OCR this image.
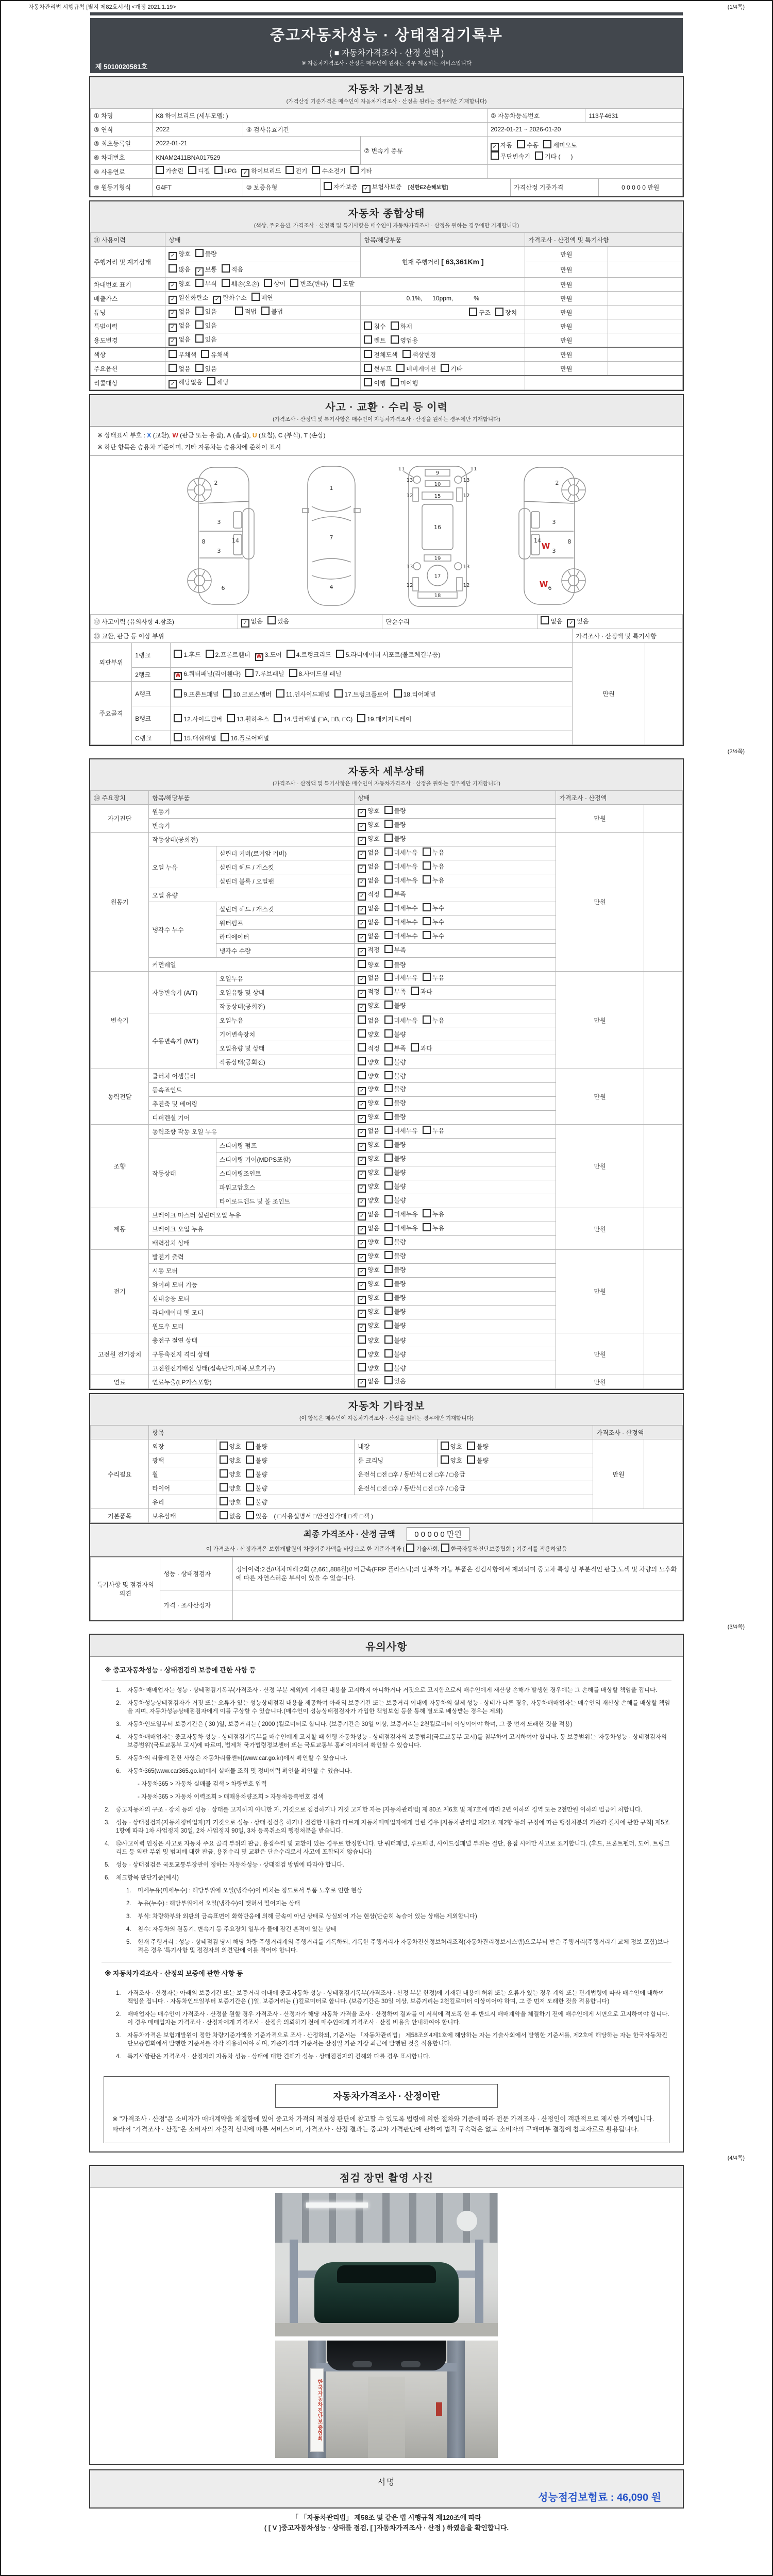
자동차관리법 시행규칙 [별지 제82호서식] <개정 2021.1.19>	(1/4쪽)
중고자동차성능 · 상태점검기록부
( ■ 자동차가격조사 · 산정 선택 )
※ 자동차가격조사 · 산정은 매수인이 원하는 경우 제공하는 서비스입니다
제 5010020581호
자동차 기본정보
(가격산정 기준가격은 매수인이 자동차가격조사 · 산정을 원하는 경우에만 기재합니다)
① 차명	K8 하이브리드 (세부모델: )	② 자동차등록번호	113우4631
③ 연식	2022	④ 검사유효기간	2022-01-21 ~ 2026-01-20
⑤ 최초등록일	2022-01-21	⑦ 변속기 종류	✓ 자동 수동 세미오토
무단변속기 기타 (      )

⑥ 차대번호	KNAM2411BNA017529		
⑧ 사용연료	가솔린 디젤 LPG ✓ 하이브리드 전기 수소전기 기타	
⑨ 원동기형식	G4FT	⑩ 보증유형	자가보증 ✓ 보험사보증 [신한EZ손해보험]	가격산정 기준가격	0 0 0 0 0 만원
자동차 종합상태
(색상, 주요옵션, 가격조사 · 산정액 및 특기사항은 매수인이 자동차가격조사 · 산정을 원하는 경우에만 기재합니다)
⑪ 사용이력	상태	항목/해당부품	가격조사 · 산정액 및 특기사항	
주행거리 및 계기상태	✓ 양호 불량	현재 주행거리 [ 63,361Km ]	만원	
	많음 ✓ 보통 적음		만원	
차대번호 표기	✓ 양호 부식 훼손(오손) 상이 변조(변타) 도말		만원	
배출가스	✓ 일산화탄소 ✓ 탄화수소 매연	0.1%,      10ppm,            %	만원	
튜닝	✓ 없음 있음 적법 불법	구조 장치	만원	
특별이력	✓ 없음 있음	침수 화재	만원	
용도변경	✓ 없음 있음	렌트 영업용	만원	
색상	무채색 유채색	전체도색 색상변경	만원	
주요옵션	없음 있음	썬루프 네비게이션 기타	만원	
리콜대상	✓ 해당없음 해당	이행 미이행		
사고 · 교환 · 수리 등 이력
(가격조사 · 산정액 및 특기사항은 매수인이 자동차가격조사 · 산정을 원하는 경우에만 기재합니다)
※ 상태표시 부호 : X (교환), W (판금 또는 용접), A (흠집), U (요철), C (부식), T (손상)
※ 하단 항목은 승용차 기준이며, 기타 자동차는 승용차에 준하여 표시
2
3
14
3
8
6
1
7
4
11	11
13	13
12	12
9
10
15
16
19
13	13
12	12
17
18
2
3
14
3
8
6
W
W
⑫ 사고이력 (유의사항 4.참조)	✓ 없음 있음	단순수리	없음 ✓ 있음
⑬ 교환, 판금 등 이상 부위			가격조사 · 산정액 및 특기사항	
외판부위	1랭크	1.후드 2.프론트휀더 W 3.도어 4.트렁크리드 5.라디에이터 서포트(볼트체결부품)	만원	
	2랭크	W 6.쿼터패널(리어휀다) 7.루브패널 8.사이드실 패널		
주요골격	A랭크	9.프론트패널 10.크로스멤버 11.인사이드패널 17.트렁크플로어 18.리어패널		
	B랭크	12.사이드멤버 13.휠하우스 14.필러패널 (□A, □B, □C) 19.패키지트레이		
	C랭크	15.대쉬패널 16.플로어패널		
(2/4쪽)
자동차 세부상태
(가격조사 · 산정액 및 특기사항은 매수인이 자동차가격조사 · 산정을 원하는 경우에만 기재합니다)
⑭ 주요장치	항목/해당부품		상태	가격조사 · 산정액	
자기진단	원동기		✓ 양호 불량	만원	
	변속기		✓ 양호 불량		
원동기	작동상태(공회전)		✓ 양호 불량	만원	
	오일 누유	실린더 커버(로커암 커버)	✓ 없음 미세누유 누유		
		실린더 헤드 / 개스킷	✓ 없음 미세누유 누유		
		실린더 블록 / 오일팬	✓ 없음 미세누유 누유		
	오일 유량		✓ 적정 부족		
	냉각수 누수	실린더 헤드 / 개스킷	✓ 없음 미세누수 누수		
		워터펌프	✓ 없음 미세누수 누수		
		라디에이터	✓ 없음 미세누수 누수		
		냉각수 수량	✓ 적정 부족		
	커먼레일		양호 불량		
변속기	자동변속기 (A/T)	오일누유	✓ 없음 미세누유 누유	만원	
		오일유량 및 상태	✓ 적정 부족 과다		
		작동상태(공회전)	✓ 양호 불량		
	수동변속기 (M/T)	오일누유	없음 미세누유 누유		
		기어변속장치	양호 불량		
		오일유량 및 상태	적정 부족 과다		
		작동상태(공회전)	양호 불량		
동력전달	클러치 어셈블리		양호 불량	만원	
	등속죠인트		✓ 양호 불량		
	추진축 및 베어링		✓ 양호 불량		
	디퍼렌셜 기어		✓ 양호 불량		
조향	동력조향 작동 오일 누유		✓ 없음 미세누유 누유	만원	
	작동상태	스티어링 펌프	✓ 양호 불량		
		스티어링 기어(MDPS포함)	✓ 양호 불량		
		스티어링조인트	✓ 양호 불량		
		파워고압호스	✓ 양호 불량		
		타이로드엔드 및 볼 조인트	✓ 양호 불량		
제동	브레이크 마스터 실린더오일 누유		✓ 없음 미세누유 누유	만원	
	브레이크 오일 누유		✓ 없음 미세누유 누유		
	배력장치 상태		✓ 양호 불량		
전기	발전기 출력		✓ 양호 불량	만원	
	시동 모터		✓ 양호 불량		
	와이퍼 모터 기능		✓ 양호 불량		
	실내송풍 모터		✓ 양호 불량		
	라디에이터 팬 모터		✓ 양호 불량		
	윈도우 모터		✓ 양호 불량		
고전원 전기장치	충전구 절연 상태		양호 불량	만원	
	구동축전지 격리 상태		양호 불량		
	고전원전기배선 상태(접속단자,피복,보호기구)		양호 불량		
연료	연료누출(LP가스포함)		✓ 없음 있음	만원	
자동차 기타정보
(이 항목은 매수인이 자동차가격조사 · 산정을 원하는 경우에만 기재합니다)
	항목				가격조사 · 산정액	
수리필요	외장	양호 불량	내장	양호 불량	만원	
	광택	양호 불량	룸 크리닝	양호 불량		
	휠	양호 불량	운전석 □전 □후 / 동반석 □전 □후 / □응급			
	타이어	양호 불량	운전석 □전 □후 / 동반석 □전 □후 / □응급			
	유리	양호 불량				
기본품목	보유상태	없음 있음 ( □사용설명서 □안전삼각대 □잭 □잭 )				
최종 가격조사 · 산정 금액 0 0 0 0 0 만원
이 가격조사 · 산정가격은 보험개발원의 차량기준가액을 바탕으로 한 기준가격과 ( 기술사회, 한국자동차진단보증협회 ) 기준서를 적용하였음
특기사항 및 점검자의 의견	성능 · 상태점검자	정비이력:2건//내차피해:2회 (2,661,888원)// 비금속(FRP 플라스틱)의 탈부착 가능 부품은 점검사항에서 제외되며 중고차 특성 상 부분적인 판금,도색 및 차량의 노후화에 따른 자연스러운 부식이 있을 수 있습니다.
	가격 · 조사산정자	
(3/4쪽)
유의사항
※ 중고자동차성능 · 상태점검의 보증에 관한 사항 등
1.	자동차 매매업자는 성능 · 상태점검기록부(가격조사 · 산정 부분 제외)에 기재된 내용을 고지하지 아니하거나 거짓으로 고지함으로써 매수인에게 재산상 손해가 발생한 경우에는 그 손해를 배상할 책임을 집니다.
2.	자동차성능상태점검자가 거짓 또는 오류가 있는 성능상태점검 내용을 제공하여 아래의 보증기간 또는 보증거리 이내에 자동차의 실제 성능 · 상태가 다른 경우, 자동차매매업자는 매수인의 재산상 손해를 배상할 책임을 지며, 자동차성능상태점검자에게 이를 구상할 수 있습니다.(매수인이 성능상태점검자가 가입한 책임보험 등을 통해 별도로 배상받는 경우는 제외)
3.	자동차인도일부터 보증기간은 ( 30 )일, 보증거리는 ( 2000 )킬로미터로 합니다. (보증기간은 30일 이상, 보증거리는 2천킬로미터 이상이어야 하며, 그 중 먼저 도래한 것을 적용)
4.	자동차매매업자는 중고자동차 성능 · 상태점검기록부를 매수인에게 고지할 때 현행 자동차성능 · 상태점검자의 보증범위(국토교통부 고시)를 첨부하여 고지하여야 합니다. 동 보증범위는 '자동차성능 · 상태점검자의 보증범위'(국토교통부 고시)에 따르며, 법제처 국가법령정보센터 또는 국토교통부 홈페이지에서 확인할 수 있습니다.
5.	자동차의 리콜에 관한 사항은 자동차리콜센터(www.car.go.kr)에서 확인할 수 있습니다.
6.	자동차365(www.car365.go.kr)에서 실매물 조회 및 정비이력 확인을 확인할 수 있습니다.
- 자동차365 > 자동차 실매물 검색 > 차량번호 입력
- 자동차365 > 자동차 이력조회 > 매매용차량조회 > 자동차등록번호 검색
2.	중고자동차의 구조 · 장치 등의 성능 · 상태를 고지하지 아니한 자, 거짓으로 점검하거나 거짓 고지한 자는 [자동차관리법] 제 80조 제6호 및 제7호에 따라 2년 이하의 징역 또는 2천만원 이하의 벌금에 처합니다.
3.	성능 · 상태점검자(자동차정비업자)가 거짓으로 성능 · 상태 점검을 하거나 점검한 내용과 다르게 자동차매매업자에게 알린 경우 [자동차관리법 제21조 제2항 등의 규정에 따른 행정처분의 기준과 절차에 관한 규칙] 제5조 1항에 따라 1차 사업정지 30일, 2차 사업정지 90일, 3차 등록취소의 행정처분을 받습니다.
4.	⑫사고이력 인정은 사고로 자동차 주요 골격 부위의 판금, 용접수리 및 교환이 있는 경우로 한정합니다. 단 쿼터패널, 루프패널, 사이드실패널 부위는 절단, 용접 시에만 사고로 표기합니다. (후드, 프론트펜더, 도어, 트렁크리드 등 외판 부위 및 범퍼에 대한 판금, 용접수리 및 교환은 단순수리로서 사고에 포함되지 않습니다)
5.	성능 · 상태점검은 국토교통부장관이 정하는 자동차성능 · 상태점검 방법에 따라야 합니다.
6.	체크항목 판단기준(예시)
1.	미세누유(미세누수) : 해당부위에 오일(냉각수)이 비치는 정도로서 부품 노후로 인한 현상
2.	누유(누수) : 해당부위에서 오일(냉각수)이 맺혀서 떨어지는 상태
3.	부식: 차량하부와 외판의 금속표면이 화학반응에 의해 금속이 아닌 상태로 상실되어 가는 현상(단순히 녹슬어 있는 상태는 제외합니다)
4.	침수: 자동차의 원동기, 변속기 등 주요장치 일부가 물에 잠긴 흔적이 있는 상태
5.	현재 주행거리 : 성능 · 상태점검 당시 해당 차량 주행거리계의 주행거리를 기록하되, 기록한 주행거리가 자동차전산정보처리조직(자동차관리정보시스템)으로부터 받은 주행거리(주행거리계 교체 정보 포함)보다 적은 경우 '특기사항 및 점검자의 의견'란에 이를 적어야 합니다.
※ 자동차가격조사 · 산정의 보증에 관한 사항 등
1.	가격조사 · 산정자는 아래의 보증기간 또는 보증거리 이내에 중고자동차 성능 · 상태점검기록부(가격조사 · 산정 부분 한정)에 기재된 내용에 허위 또는 오류가 있는 경우 계약 또는 관계법령에 따라 매수인에 대하여 책임을 집니다. · 자동차인도일부터 보증기간은 ( )일, 보증거리는 ( )킬로미터로 합니다. (보증기간은 30일 이상, 보증거리는 2천킬로미터 이상이어야 하며, 그 중 먼저 도래한 것을 적용합니다)
2.	매매업자는 매수인이 가격조사 · 산정을 원할 경우 가격조사 · 산정자가 해당 자동차 가격을 조사 · 산정하여 결과를 이 서식에 적도록 한 후 반드시 매매계약을 체결하기 전에 매수인에게 서면으로 고지하여야 합니다. 이 경우 매매업자는 가격조사 · 산정자에게 가격조사 · 산정을 의뢰하기 전에 매수인에게 가격조사 · 산정 비용을 안내하여야 합니다.
3.	자동차가격은 보험개발원이 정한 차량기준가액을 기준가격으로 조사 · 산정하되, 기준서는 「자동차관리법」 제58조의4제1호에 해당하는 자는 기술사회에서 발행한 기준서를, 제2호에 해당하는 자는 한국자동차진단보증협회에서 발행한 기준서를 각각 적용하여야 하며, 기준가격과 기준서는 산정일 기준 가장 최근에 발행된 것을 적용합니다.
4.	특기사항란은 가격조사 · 산정자의 자동차 성능 · 상태에 대한 견해가 성능 · 상태점검자의 견해와 다를 경우 표시합니다.
자동차가격조사 · 산정이란
※ "가격조사 · 산정"은 소비자가 매매계약을 체결함에 있어 중고차 가격의 적절성 판단에 참고할 수 있도록 법령에 의한 절차와 기준에 따라 전문 가격조사 · 산정인이 객관적으로 제시한 가액입니다. 따라서 "가격조사 · 산정"은 소비자의 자율적 선택에 따른 서비스이며, 가격조사 · 산정 결과는 중고차 가격판단에 관하여 법적 구속력은 없고 소비자의 구매여부 결정에 참고자료로 활용됩니다.
(4/4쪽)
점검 장면 촬영 사진
한국자동차진단보증협회
서명
성능점검보험료 : 46,090 원
「 「자동차관리법」 제58조 및 같은 법 시행규칙 제120조에 따라
( [ V ]중고자동차성능 · 상태를 점검, [ ]자동차가격조사 · 산정 ) 하였음을 확인합니다.
